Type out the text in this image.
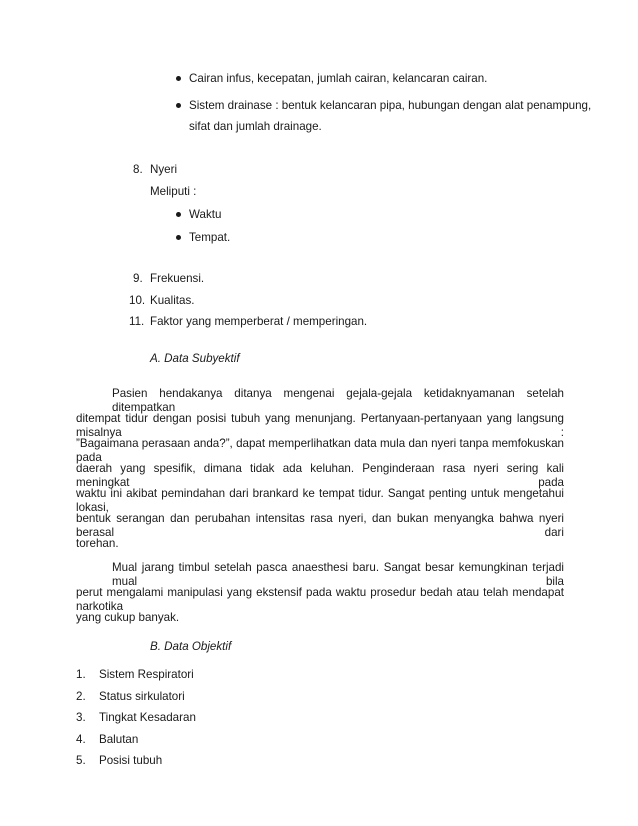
Cairan infus, kecepatan, jumlah cairan, kelancaran cairan.
Sistem drainase : bentuk kelancaran pipa, hubungan dengan alat penampung,
sifat dan jumlah drainage.
8. Nyeri
Meliputi :
Waktu
Tempat.
9. Frekuensi.
10. Kualitas.
11. Faktor yang memperberat / memperingan.
A. Data Subyektif
Pasien hendakanya ditanya mengenai gejala-gejala ketidaknyamanan setelah ditempatkan
ditempat tidur dengan posisi tubuh yang menunjang. Pertanyaan-pertanyaan yang langsung misalnya :
”Bagaimana perasaan anda?”, dapat memperlihatkan data mula dan nyeri tanpa memfokuskan pada
daerah yang spesifik, dimana tidak ada keluhan. Penginderaan rasa nyeri sering kali meningkat pada
waktu ini akibat pemindahan dari brankard ke tempat tidur. Sangat penting untuk mengetahui lokasi,
bentuk serangan dan perubahan intensitas rasa nyeri, dan bukan menyangka bahwa nyeri berasal dari
torehan.
Mual jarang timbul setelah pasca anaesthesi baru. Sangat besar kemungkinan terjadi mual bila
perut mengalami manipulasi yang ekstensif pada waktu prosedur bedah atau telah mendapat narkotika
yang cukup banyak.
B. Data Objektif
1. Sistem Respiratori
2. Status sirkulatori
3. Tingkat Kesadaran
4. Balutan
5. Posisi tubuh
